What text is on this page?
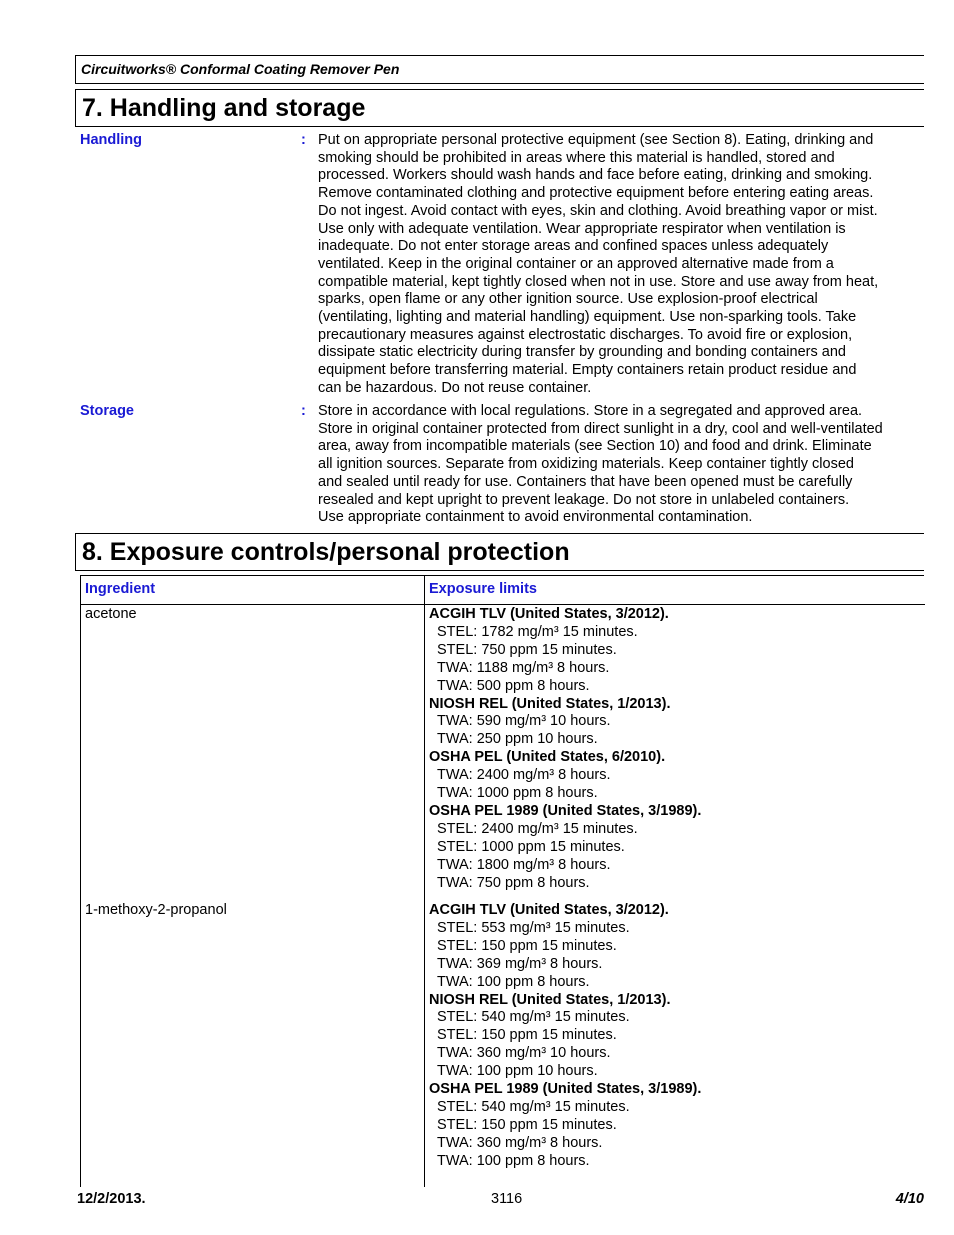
Circuitworks® Conformal Coating Remover Pen
7. Handling and storage
Handling	: Put on appropriate personal protective equipment (see Section 8). Eating, drinking and
smoking should be prohibited in areas where this material is handled, stored and
processed. Workers should wash hands and face before eating, drinking and smoking.
Remove contaminated clothing and protective equipment before entering eating areas.
Do not ingest. Avoid contact with eyes, skin and clothing. Avoid breathing vapor or mist.
Use only with adequate ventilation. Wear appropriate respirator when ventilation is
inadequate. Do not enter storage areas and confined spaces unless adequately
ventilated. Keep in the original container or an approved alternative made from a
compatible material, kept tightly closed when not in use. Store and use away from heat,
sparks, open flame or any other ignition source. Use explosion-proof electrical
(ventilating, lighting and material handling) equipment. Use non-sparking tools. Take
precautionary measures against electrostatic discharges. To avoid fire or explosion,
dissipate static electricity during transfer by grounding and bonding containers and
equipment before transferring material. Empty containers retain product residue and
can be hazardous. Do not reuse container.
Storage	: Store in accordance with local regulations. Store in a segregated and approved area.
Store in original container protected from direct sunlight in a dry, cool and well-ventilated
area, away from incompatible materials (see Section 10) and food and drink. Eliminate
all ignition sources. Separate from oxidizing materials. Keep container tightly closed
and sealed until ready for use. Containers that have been opened must be carefully
resealed and kept upright to prevent leakage. Do not store in unlabeled containers.
Use appropriate containment to avoid environmental contamination.
8. Exposure controls/personal protection
Ingredient	Exposure limits
acetone	ACGIH TLV (United States, 3/2012).
STEL: 1782 mg/m³ 15 minutes.
STEL: 750 ppm 15 minutes.
TWA: 1188 mg/m³ 8 hours.
TWA: 500 ppm 8 hours.
NIOSH REL (United States, 1/2013).
TWA: 590 mg/m³ 10 hours.
TWA: 250 ppm 10 hours.
OSHA PEL (United States, 6/2010).
TWA: 2400 mg/m³ 8 hours.
TWA: 1000 ppm 8 hours.
OSHA PEL 1989 (United States, 3/1989).
STEL: 2400 mg/m³ 15 minutes.
STEL: 1000 ppm 15 minutes.
TWA: 1800 mg/m³ 8 hours.
TWA: 750 ppm 8 hours.
1-methoxy-2-propanol	ACGIH TLV (United States, 3/2012).
STEL: 553 mg/m³ 15 minutes.
STEL: 150 ppm 15 minutes.
TWA: 369 mg/m³ 8 hours.
TWA: 100 ppm 8 hours.
NIOSH REL (United States, 1/2013).
STEL: 540 mg/m³ 15 minutes.
STEL: 150 ppm 15 minutes.
TWA: 360 mg/m³ 10 hours.
TWA: 100 ppm 10 hours.
OSHA PEL 1989 (United States, 3/1989).
STEL: 540 mg/m³ 15 minutes.
STEL: 150 ppm 15 minutes.
TWA: 360 mg/m³ 8 hours.
TWA: 100 ppm 8 hours.
12/2/2013.	3116	4/10
